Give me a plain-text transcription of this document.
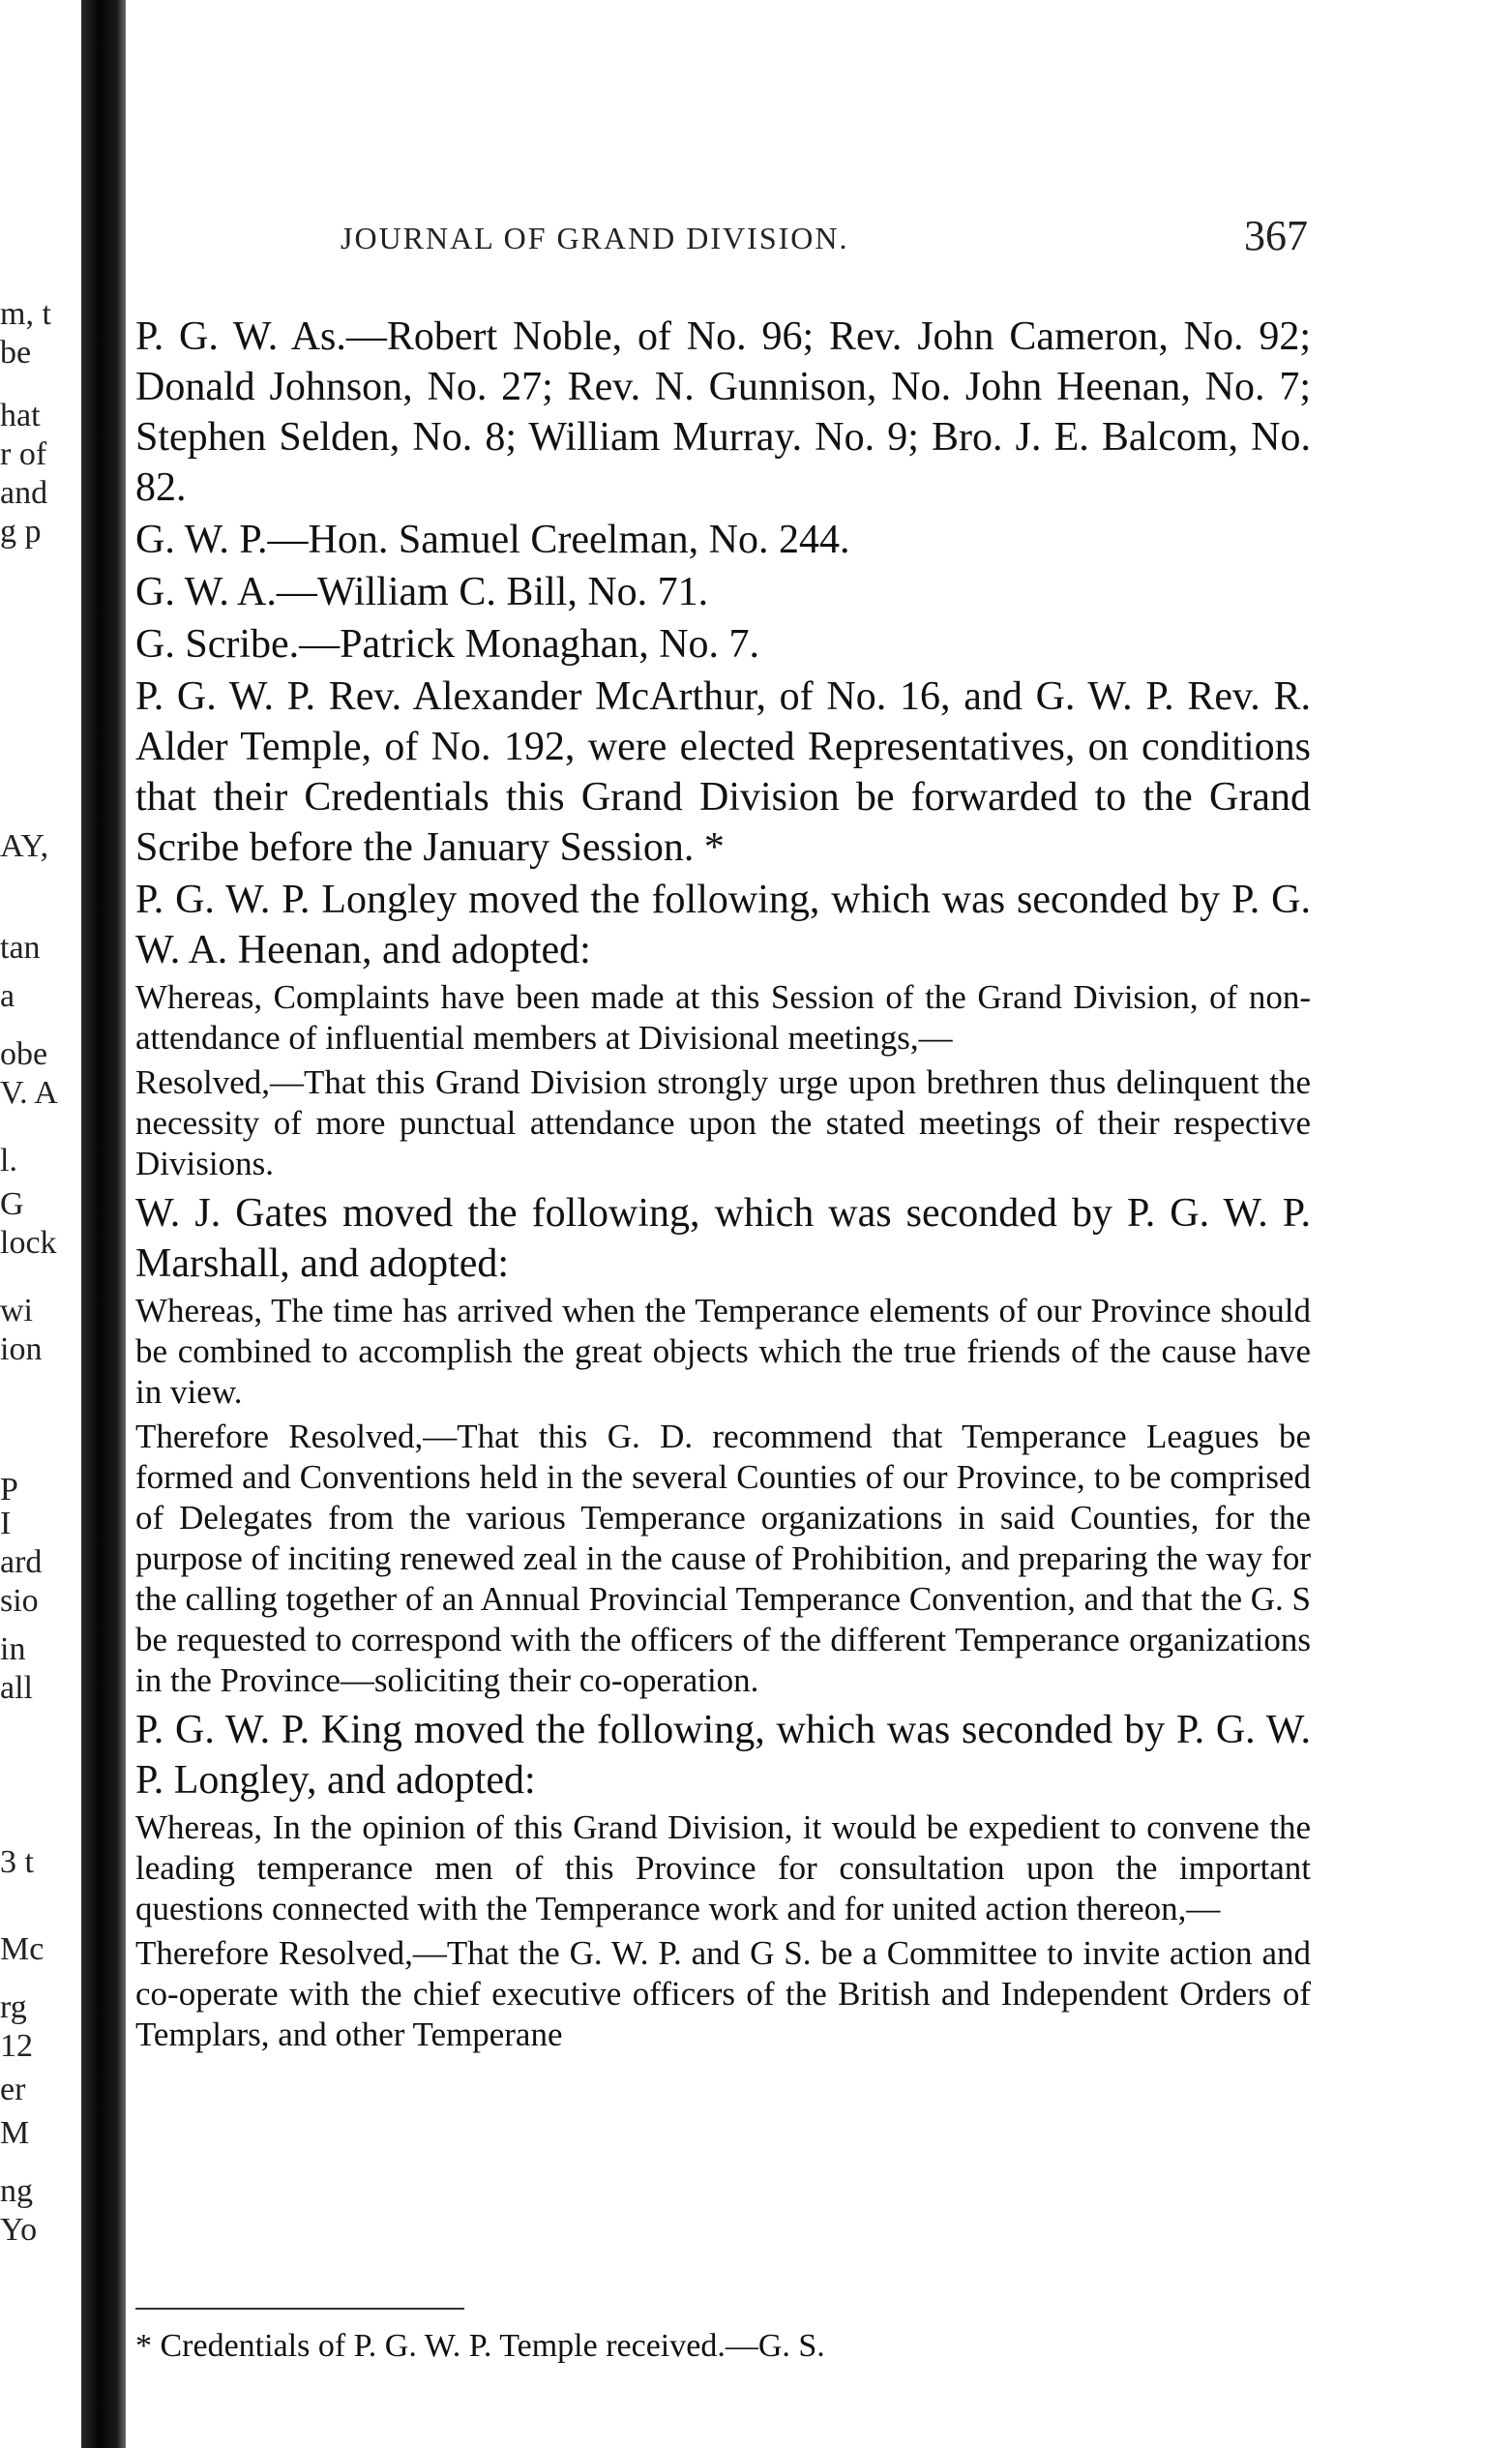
m, t
be
hat
r of
and
g p
AY,
tan
a
obe
V. A
l.
G
lock
wi
ion
P
I
ard
sio
in
all
3 t
Mc
rg
12
er
M
ng
Yo
JOURNAL OF GRAND DIVISION.	367

P. G. W. As.—Robert Noble, of No. 96; Rev. John Cameron, No. 92; Donald Johnson, No. 27; Rev. N. Gunnison, No. John Heenan, No. 7; Stephen Selden, No. 8; William Murray. No. 9; Bro. J. E. Balcom, No. 82.

G. W. P.—Hon. Samuel Creelman, No. 244.

G. W. A.—William C. Bill, No. 71.

G. Scribe.—Patrick Monaghan, No. 7.

P. G. W. P. Rev. Alexander McArthur, of No. 16, and G. W. P. Rev. R. Alder Temple, of No. 192, were elected Representatives, on conditions that their Credentials this Grand Division be forwarded to the Grand Scribe before the January Session. *

P. G. W. P. Longley moved the following, which was seconded by P. G. W. A. Heenan, and adopted:

Whereas, Complaints have been made at this Session of the Grand Division, of non-attendance of influential members at Divisional meetings,—

Resolved,—That this Grand Division strongly urge upon brethren thus delinquent the necessity of more punctual attendance upon the stated meetings of their respective Divisions.

W. J. Gates moved the following, which was seconded by P. G. W. P. Marshall, and adopted:

Whereas, The time has arrived when the Temperance elements of our Province should be combined to accomplish the great objects which the true friends of the cause have in view.

Therefore Resolved,—That this G. D. recommend that Temperance Leagues be formed and Conventions held in the several Counties of our Province, to be comprised of Delegates from the various Temperance organizations in said Counties, for the purpose of inciting renewed zeal in the cause of Prohibition, and preparing the way for the calling together of an Annual Provincial Temperance Convention, and that the G. S be requested to correspond with the officers of the different Temperance organizations in the Province—soliciting their co-operation.

P. G. W. P. King moved the following, which was seconded by P. G. W. P. Longley, and adopted:

Whereas, In the opinion of this Grand Division, it would be expedient to convene the leading temperance men of this Province for consultation upon the important questions connected with the Temperance work and for united action thereon,—

Therefore Resolved,—That the G. W. P. and G S. be a Committee to invite action and co-operate with the chief executive officers of the British and Independent Orders of Templars, and other Temperane

* Credentials of P. G. W. P. Temple received.—G. S.
